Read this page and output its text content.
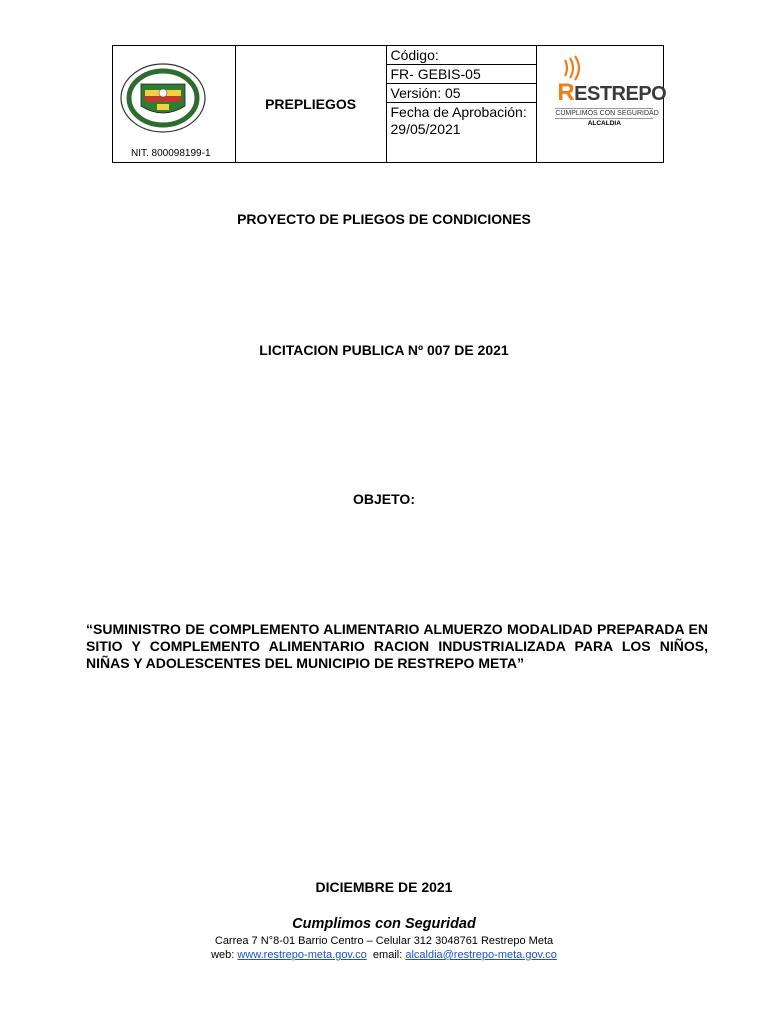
NIT. 800098199-1
	PREPLIEGOS	
Código:
FR- GEBIS-05
Versión: 05
Fecha de Aprobación:
29/05/2021

RESTREPO
CUMPLIMOS CON SEGURIDAD
ALCALDIA
PROYECTO DE PLIEGOS DE CONDICIONES
LICITACION PUBLICA Nº 007 DE 2021
OBJETO:
“SUMINISTRO DE COMPLEMENTO ALIMENTARIO ALMUERZO MODALIDAD PREPARADA EN SITIO Y COMPLEMENTO ALIMENTARIO RACION INDUSTRIALIZADA PARA LOS NIÑOS, NIÑAS Y ADOLESCENTES DEL MUNICIPIO DE RESTREPO META”
DICIEMBRE DE 2021
Cumplimos con Seguridad
Carrea 7 N°8-01 Barrio Centro – Celular 312 3048761 Restrepo Meta
web: www.restrepo-meta.gov.co email: alcaldia@restrepo-meta.gov.co
